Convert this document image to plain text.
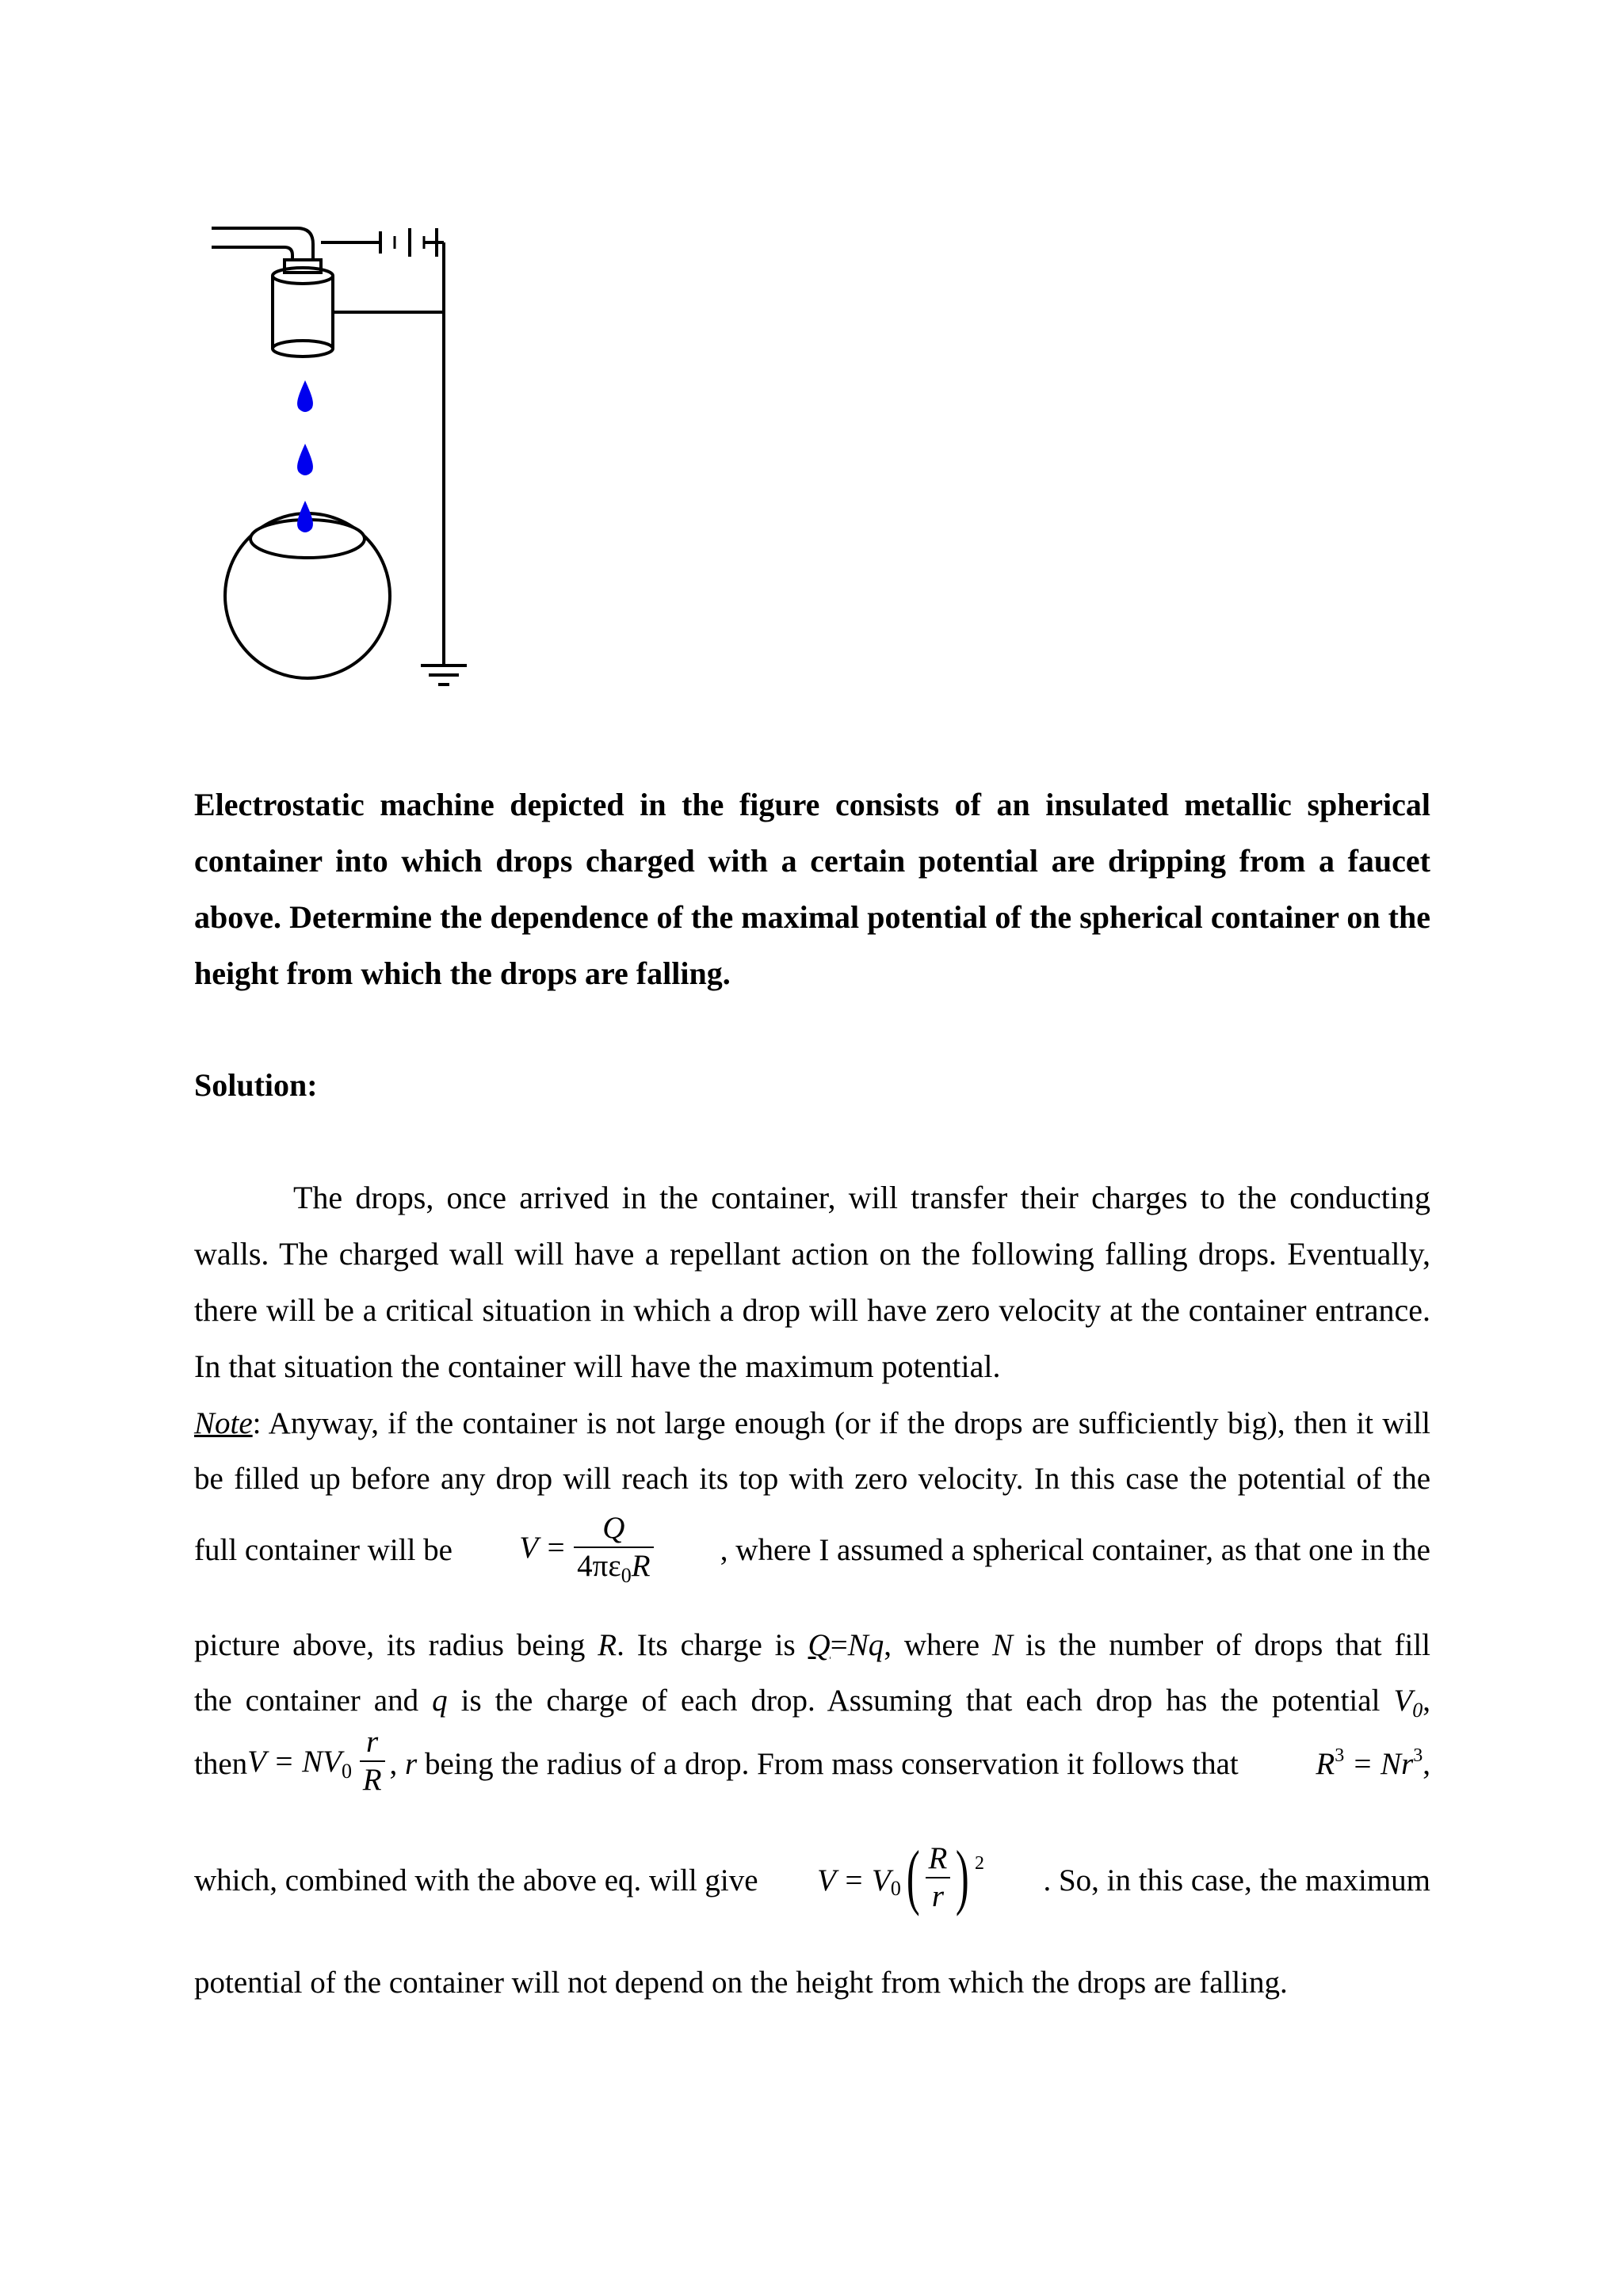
Electrostatic machine depicted in the figure consists of an insulated metallic spherical container into which drops charged with a certain potential are dripping from a faucet above. Determine the dependence of the maximal potential of the spherical container on the height from which the drops are falling.

Solution:

The drops, once arrived in the container, will transfer their charges to the conducting walls. The charged wall will have a repellant action on the following falling drops. Eventually, there will be a critical situation in which a drop will have zero velocity at the container entrance. In that situation the container will have the maximum potential.

Note: Anyway, if the container is not large enough (or if the drops are sufficiently big), then it will
be filled up before any drop will reach its top with zero velocity. In this case the potential of the
full container will be $V = \frac{Q}{4\pi\varepsilon_0R}$ , where I assumed a spherical container, as that one in the
picture above, its radius being R. Its charge is Q=Nq, where N is the number of drops that fill
the container and q is the charge of each drop. Assuming that each drop has the potential $V_0$,
then $V = NV_0 \frac{r}{R}$ , r being the radius of a drop. From mass conservation it follows that	$R^3 = Nr^3$,
which, combined with the above eq. will give $V = V_0$ ( $\frac{R}{r}$ ) $^2$ . So, in this case, the maximum
potential of the container will not depend on the height from which the drops are falling.
